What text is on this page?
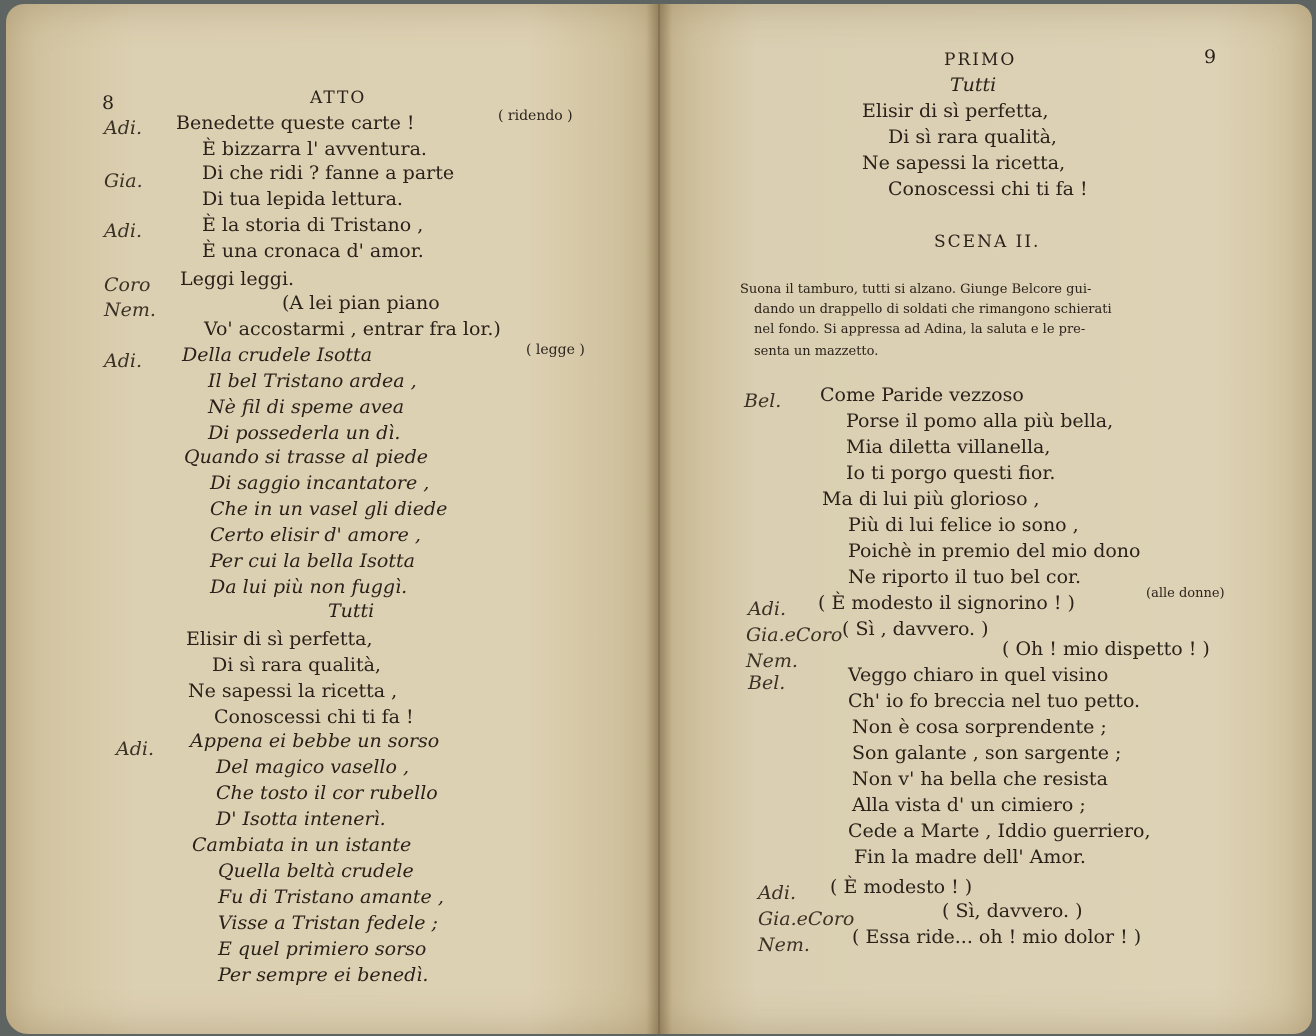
8	ATTO
Adi. Benedette queste carte !	( ridendo )
È bizzarra l' avventura.
Gia.	Di che ridi ? fanne a parte
Di tua lepida lettura.
Adi.	È la storia di Tristano ,
È una cronaca d' amor.
Coro Leggi leggi.
Nem.	(A lei pian piano
Vo' accostarmi , entrar fra lor.)
Adi. Della crudele Isotta	( legge )
Il bel Tristano ardea ,
Nè fil di speme avea
Di possederla un dì.
Quando si trasse al piede
Di saggio incantatore ,
Che in un vasel gli diede
Certo elisir d' amore ,
Per cui la bella Isotta
Da lui più non fuggì.
Tutti
Elisir di sì perfetta,
Di sì rara qualità,
Ne sapessi la ricetta ,
Conoscessi chi ti fa !
Adi. Appena ei bebbe un sorso
Del magico vasello ,
Che tosto il cor rubello
D' Isotta intenerì.
Cambiata in un istante
Quella beltà crudele
Fu di Tristano amante ,
Visse a Tristan fedele ;
E quel primiero sorso
Per sempre ei benedì.
PRIMO	9
Tutti
Elisir di sì perfetta,
Di sì rara qualità,
Ne sapessi la ricetta,
Conoscessi chi ti fa !
SCENA II.
Suona il tamburo, tutti si alzano. Giunge Belcore gui-
dando un drappello di soldati che rimangono schierati
nel fondo. Si appressa ad Adina, la saluta e le pre-
senta un mazzetto.
Bel. Come Paride vezzoso
Porse il pomo alla più bella,
Mia diletta villanella,
Io ti porgo questi fior.
Ma di lui più glorioso ,
Più di lui felice io sono ,
Poichè in premio del mio dono
Ne riporto il tuo bel cor.
Adi. ( È modesto il signorino ! )	(alle donne)
Gia.eCoro ( Sì , davvero. )
Nem.
( Oh ! mio dispetto ! )
Bel.	Veggo chiaro in quel visino
Ch' io fo breccia nel tuo petto.
Non è cosa sorprendente ;
Son galante , son sargente ;
Non v' ha bella che resista
Alla vista d' un cimiero ;
Cede a Marte , Iddio guerriero,
Fin la madre dell' Amor.
Adi. ( È modesto ! )
Gia.eCoro	( Sì, davvero. )
Nem. ( Essa ride... oh ! mio dolor ! )
